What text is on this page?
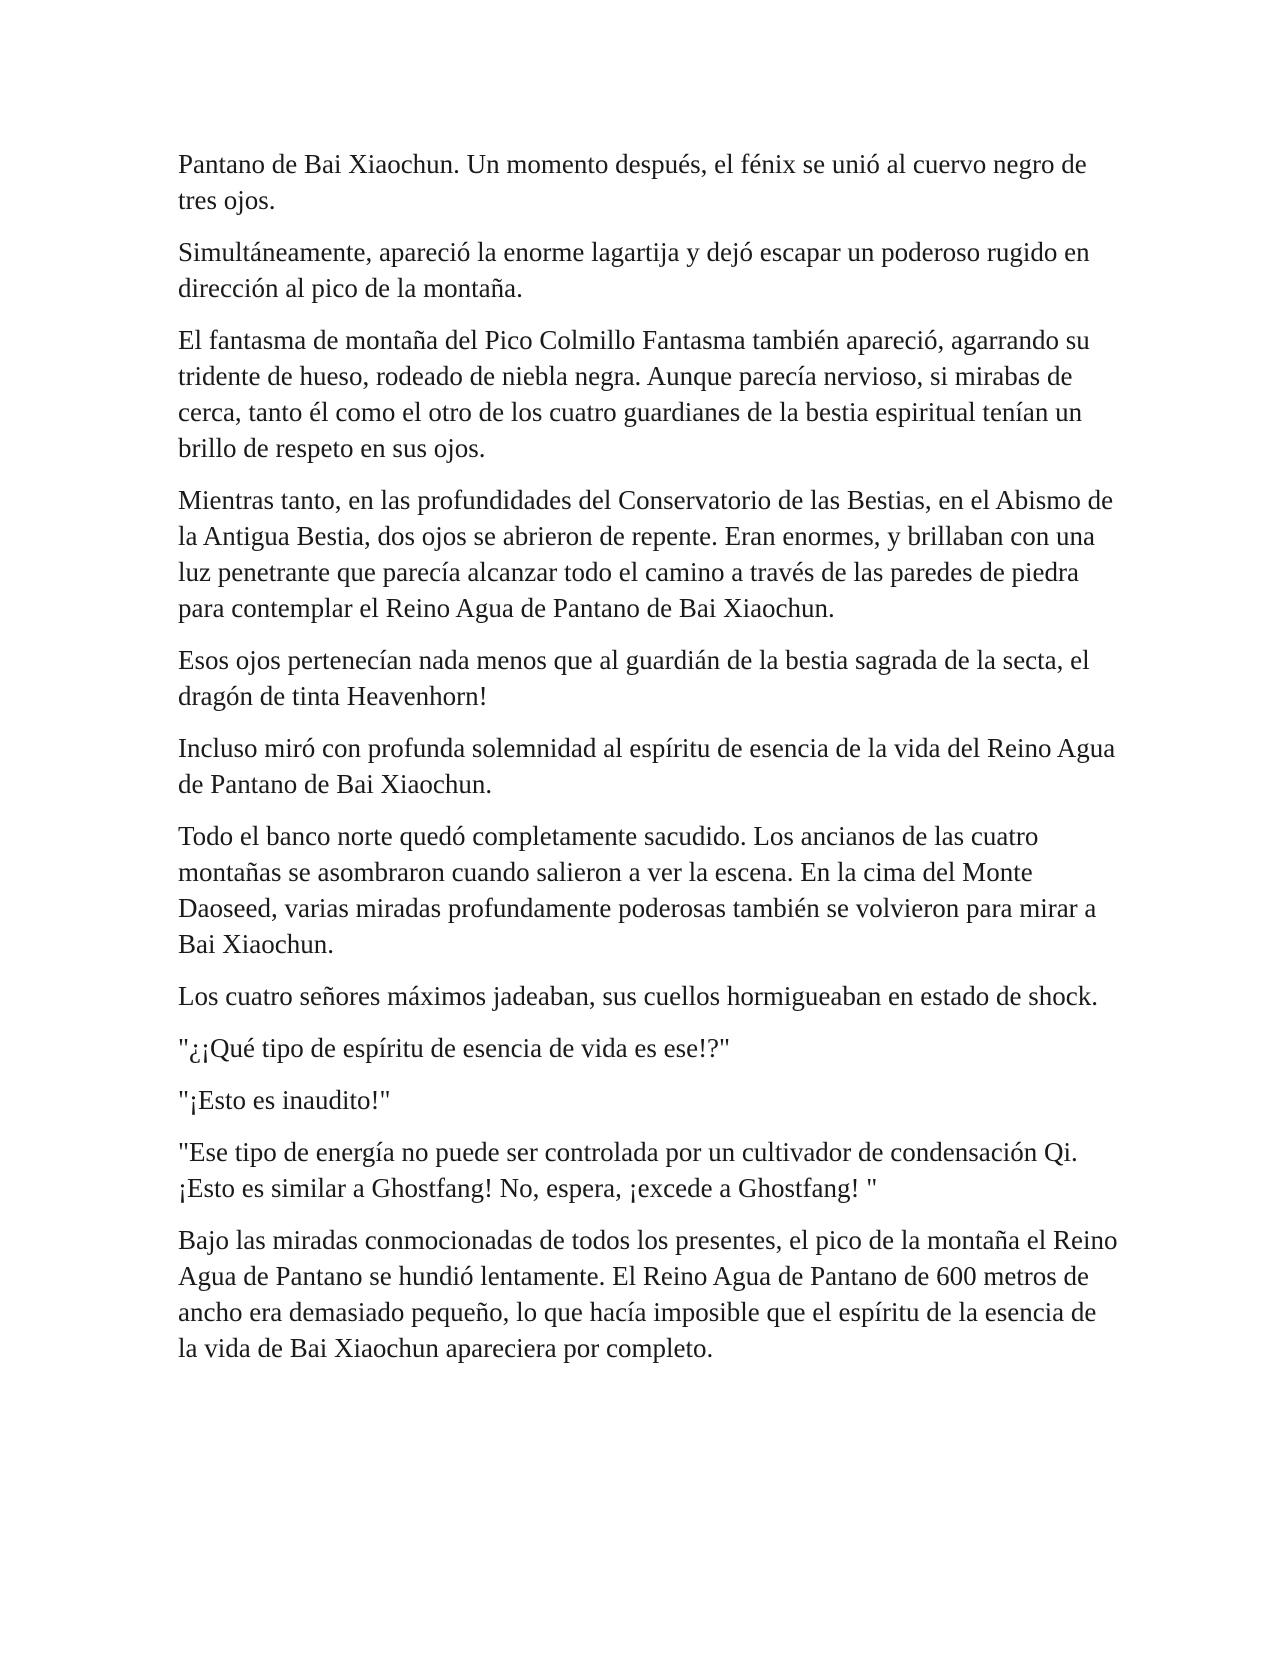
Pantano de Bai Xiaochun. Un momento después, el fénix se unió al cuervo negro de tres ojos.

Simultáneamente, apareció la enorme lagartija y dejó escapar un poderoso rugido en dirección al pico de la montaña.

El fantasma de montaña del Pico Colmillo Fantasma también apareció, agarrando su tridente de hueso, rodeado de niebla negra. Aunque parecía nervioso, si mirabas de cerca, tanto él como el otro de los cuatro guardianes de la bestia espiritual tenían un brillo de respeto en sus ojos.

Mientras tanto, en las profundidades del Conservatorio de las Bestias, en el Abismo de la Antigua Bestia, dos ojos se abrieron de repente. Eran enormes, y brillaban con una luz penetrante que parecía alcanzar todo el camino a través de las paredes de piedra para contemplar el Reino Agua de Pantano de Bai Xiaochun.

Esos ojos pertenecían nada menos que al guardián de la bestia sagrada de la secta, el dragón de tinta Heavenhorn!

Incluso miró con profunda solemnidad al espíritu de esencia de la vida del Reino Agua de Pantano de Bai Xiaochun.

Todo el banco norte quedó completamente sacudido. Los ancianos de las cuatro montañas se asombraron cuando salieron a ver la escena. En la cima del Monte Daoseed, varias miradas profundamente poderosas también se volvieron para mirar a Bai Xiaochun.

Los cuatro señores máximos jadeaban, sus cuellos hormigueaban en estado de shock.

"¿¡Qué tipo de espíritu de esencia de vida es ese!?"

"¡Esto es inaudito!"

"Ese tipo de energía no puede ser controlada por un cultivador de condensación Qi. ¡Esto es similar a Ghostfang! No, espera, ¡excede a Ghostfang! "

Bajo las miradas conmocionadas de todos los presentes, el pico de la montaña el Reino Agua de Pantano se hundió lentamente. El Reino Agua de Pantano de 600 metros de ancho era demasiado pequeño, lo que hacía imposible que el espíritu de la esencia de la vida de Bai Xiaochun apareciera por completo.
